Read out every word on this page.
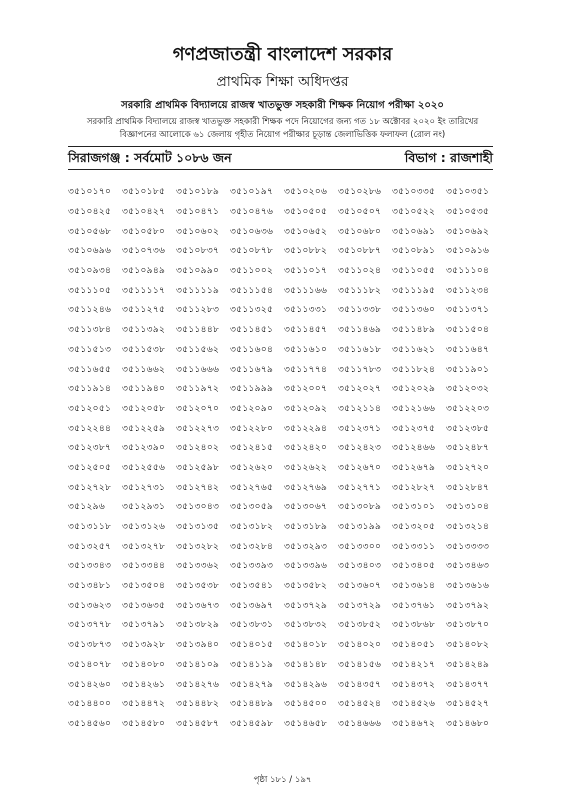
গণপ্রজাতন্ত্রী বাংলাদেশ সরকার
প্রাথমিক শিক্ষা অধিদপ্তর
সরকারি প্রাথমিক বিদ্যালয়ে রাজস্ব খাতভুক্ত সহকারী শিক্ষক নিয়োগ পরীক্ষা ২০২০
সরকারি প্রাথমিক বিদ্যালয়ে রাজস্ব খাতভুক্ত সহকারী শিক্ষক পদে নিয়োগের জন্য গত ১৮ অক্টোবর ২০২০ ইং তারিখের
বিজ্ঞাপনের আলোকে ৬১ জেলায় গৃহীত নিয়োগ পরীক্ষার চূড়ান্ত জেলাভিত্তিক ফলাফল (রোল নং)
সিরাজগঞ্জ : সর্বমোট ১০৮৬ জন	বিভাগ : রাজশাহী
৩৫১০১৭০	৩৫১০১৮৫	৩৫১০১৮৯	৩৫১০১৯৭	৩৫১০২০৬	৩৫১০২৮৬	৩৫১০৩৩৫	৩৫১০৩৫১
৩৫১০৪২৫	৩৫১০৪২৭	৩৫১০৪৭১	৩৫১০৪৭৬	৩৫১০৫০৫	৩৫১০৫০৭	৩৫১০৫২২	৩৫১০৫৩৫
৩৫১০৫৬৮	৩৫১০৫৮০	৩৫১০৬০২	৩৫১০৬৩৬	৩৫১০৬৫২	৩৫১০৬৮০	৩৫১০৬৯১	৩৫১০৬৯২
৩৫১০৬৯৬	৩৫১০৭৩৬	৩৫১০৮৩৭	৩৫১০৮৭৮	৩৫১০৮৮২	৩৫১০৮৮৭	৩৫১০৮৯১	৩৫১০৯১৬
৩৫১০৯৩৪	৩৫১০৯৪৯	৩৫১০৯৯০	৩৫১১০০২	৩৫১১০১৭	৩৫১১০২৪	৩৫১১০৫৫	৩৫১১১০৪
৩৫১১১০৫	৩৫১১১১৭	৩৫১১১১৯	৩৫১১১৫৪	৩৫১১১৬৬	৩৫১১১৮২	৩৫১১১৯৫	৩৫১১২৩৪
৩৫১১২৪৬	৩৫১১২৭৫	৩৫১১২৮৩	৩৫১১৩২৫	৩৫১১৩৩১	৩৫১১৩৩৮	৩৫১১৩৬০	৩৫১১৩৭১
৩৫১১৩৮৪	৩৫১১৩৯২	৩৫১১৪৪৮	৩৫১১৪৫১	৩৫১১৪৫৭	৩৫১১৪৬৯	৩৫১১৪৮৯	৩৫১১৫০৪
৩৫১১৫১৩	৩৫১১৫৩৮	৩৫১১৫৬২	৩৫১১৬০৪	৩৫১১৬১০	৩৫১১৬১৮	৩৫১১৬২১	৩৫১১৬৪৭
৩৫১১৬৫৫	৩৫১১৬৬২	৩৫১১৬৬৬	৩৫১১৬৭৯	৩৫১১৭৭৪	৩৫১১৭৮৩	৩৫১১৮২৪	৩৫১১৯০১
৩৫১১৯১৪	৩৫১১৯৪০	৩৫১১৯৭২	৩৫১১৯৯৯	৩৫১২০০৭	৩৫১২০২৭	৩৫১২০২৯	৩৫১২০৩২
৩৫১২০৫১	৩৫১২০৫৮	৩৫১২০৭০	৩৫১২০৯০	৩৫১২০৯২	৩৫১২১১৪	৩৫১২১৬৬	৩৫১২২০৩
৩৫১২২৪৪	৩৫১২২৫৯	৩৫১২২৭৩	৩৫১২২৮০	৩৫১২২৯৪	৩৫১২৩৭১	৩৫১২৩৭৫	৩৫১২৩৮৫
৩৫১২৩৮৭	৩৫১২৩৯০	৩৫১২৪০২	৩৫১২৪১৫	৩৫১২৪২০	৩৫১২৪২৩	৩৫১২৪৬৬	৩৫১২৪৮৭
৩৫১২৫০৫	৩৫১২৫৫৬	৩৫১২৫৯৮	৩৫১২৬২০	৩৫১২৬২২	৩৫১২৬৭০	৩৫১২৬৭৯	৩৫১২৭২০
৩৫১২৭২৮	৩৫১২৭৩১	৩৫১২৭৪২	৩৫১২৭৬৫	৩৫১২৭৬৯	৩৫১২৭৭১	৩৫১২৮২৭	৩৫১২৮৪৭
৩৫১২৯৬	৩৫১২৯৩১	৩৫১৩০৪৩	৩৫১৩০৫৯	৩৫১৩০৬৭	৩৫১৩০৮৯	৩৫১৩১০১	৩৫১৩১০৪
৩৫১৩১১৮	৩৫১৩১২৬	৩৫১৩১৩৫	৩৫১৩১৮২	৩৫১৩১৮৯	৩৫১৩১৯৯	৩৫১৩২০৫	৩৫১৩২১৪
৩৫১৩২৫৭	৩৫১৩২৭৮	৩৫১৩২৮২	৩৫১৩২৮৪	৩৫১৩২৯৩	৩৫১৩৩০০	৩৫১৩৩১১	৩৫১৩৩৩৩
৩৫১৩৩৪৩	৩৫১৩৩৪৪	৩৫১৩৩৬২	৩৫১৩৩৯৩	৩৫১৩৩৯৬	৩৫১৩৪০৩	৩৫১৩৪০৫	৩৫১৩৪৬৩
৩৫১৩৪৮১	৩৫১৩৫০৪	৩৫১৩৫৩৮	৩৫১৩৫৪১	৩৫১৩৫৮২	৩৫১৩৬০৭	৩৫১৩৬১৪	৩৫১৩৬১৬
৩৫১৩৬২৩	৩৫১৩৬৩৫	৩৫১৩৬৭৩	৩৫১৩৬৯৭	৩৫১৩৭২৯	৩৫১৩৭২৯	৩৫১৩৭৬১	৩৫১৩৭৯২
৩৫১৩৭৭৮	৩৫১৩৭৯১	৩৫১৩৮২৯	৩৫১৩৮৩১	৩৫১৩৮৩২	৩৫১৩৮৫২	৩৫১৩৮৬৮	৩৫১৩৮৭০
৩৫১৩৮৭৩	৩৫১৩৯২৮	৩৫১৩৯৪০	৩৫১৪০১৫	৩৫১৪০১৮	৩৫১৪০২০	৩৫১৪০৫১	৩৫১৪০৮২
৩৫১৪০৭৮	৩৫১৪০৮০	৩৫১৪১০৯	৩৫১৪১১৯	৩৫১৪১৪৮	৩৫১৪১৫৬	৩৫১৪২১৭	৩৫১৪২৪৯
৩৫১৪২৬০	৩৫১৪২৬১	৩৫১৪২৭৬	৩৫১৪২৭৯	৩৫১৪২৯৬	৩৫১৪৩৫৭	৩৫১৪৩৭২	৩৫১৪৩৭৭
৩৫১৪৪০০	৩৫১৪৪৭২	৩৫১৪৪৮২	৩৫১৪৪৮৯	৩৫১৪৫০০	৩৫১৪৫২৪	৩৫১৪৫২৬	৩৫১৪৫২৭
৩৫১৪৫৬০	৩৫১৪৫৮০	৩৫১৪৫৮৭	৩৫১৪৫৯৮	৩৫১৪৬৫৮	৩৫১৪৬৬৬	৩৫১৪৬৭২	৩৫১৪৬৮০
পৃষ্ঠা ১৮১ / ১৯৭
